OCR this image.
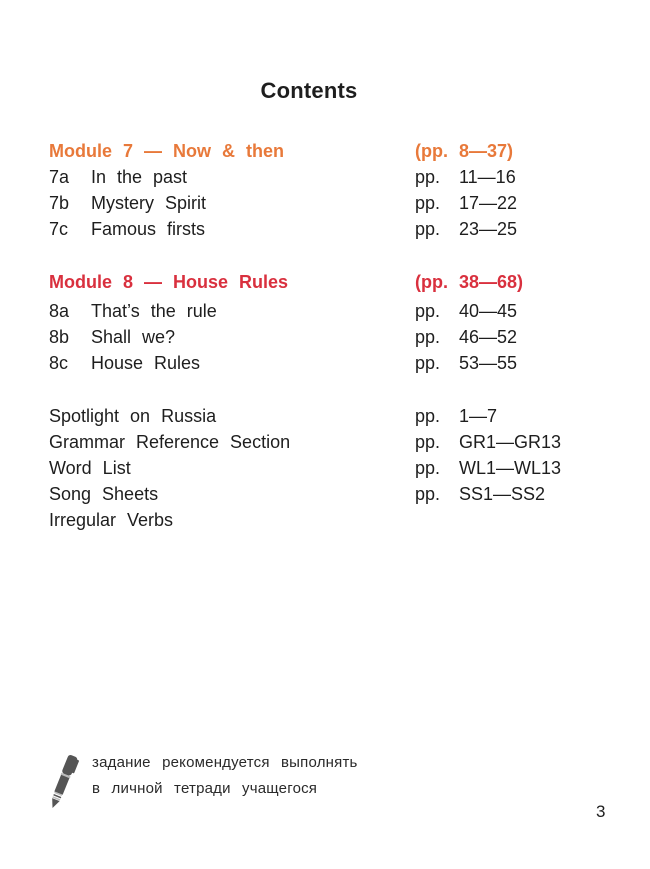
Contents
Module 7 — Now & then	(pp. 8—37)
7a In the past	pp. 11—16
7b Mystery Spirit	pp. 17—22
7c Famous firsts	pp. 23—25
Module 8 — House Rules	(pp. 38—68)
8a That’s the rule	pp. 40—45
8b Shall we?	pp. 46—52
8c House Rules	pp. 53—55
Spotlight on Russia	pp. 1—7
Grammar Reference Section	pp. GR1—GR13
Word List	pp. WL1—WL13
Song Sheets	pp. SS1—SS2
Irregular Verbs
задание рекомендуется выполнять
в личной тетради учащегося
3
